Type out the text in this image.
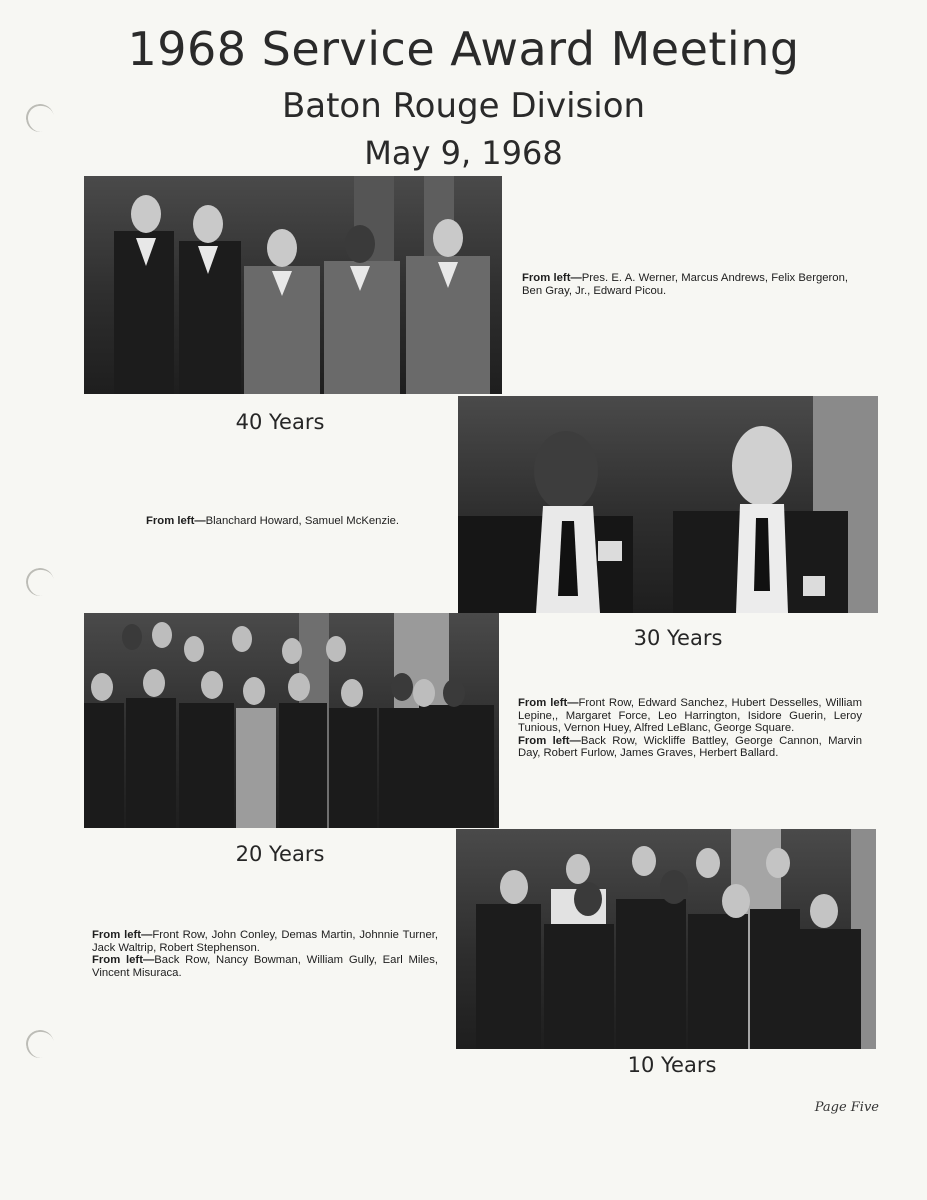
1968 Service Award Meeting
Baton Rouge Division
May 9, 1968
From left—Pres. E. A. Werner, Marcus Andrews, Felix Bergeron, Ben Gray, Jr., Edward Picou.
40 Years
From left—Blanchard Howard, Samuel McKenzie.
30 Years
From left—Front Row, Edward Sanchez, Hubert Desselles, William Lepine,, Margaret Force, Leo Harrington, Isidore Guerin, Leroy Tunious, Vernon Huey, Alfred LeBlanc, George Square.
From left—Back Row, Wickliffe Battley, George Cannon, Marvin Day, Robert Furlow, James Graves, Herbert Ballard.
20 Years
From left—Front Row, John Conley, Demas Martin, Johnnie Turner, Jack Waltrip, Robert Stephenson.
From left—Back Row, Nancy Bowman, William Gully, Earl Miles, Vincent Misuraca.
10 Years
Page Five
